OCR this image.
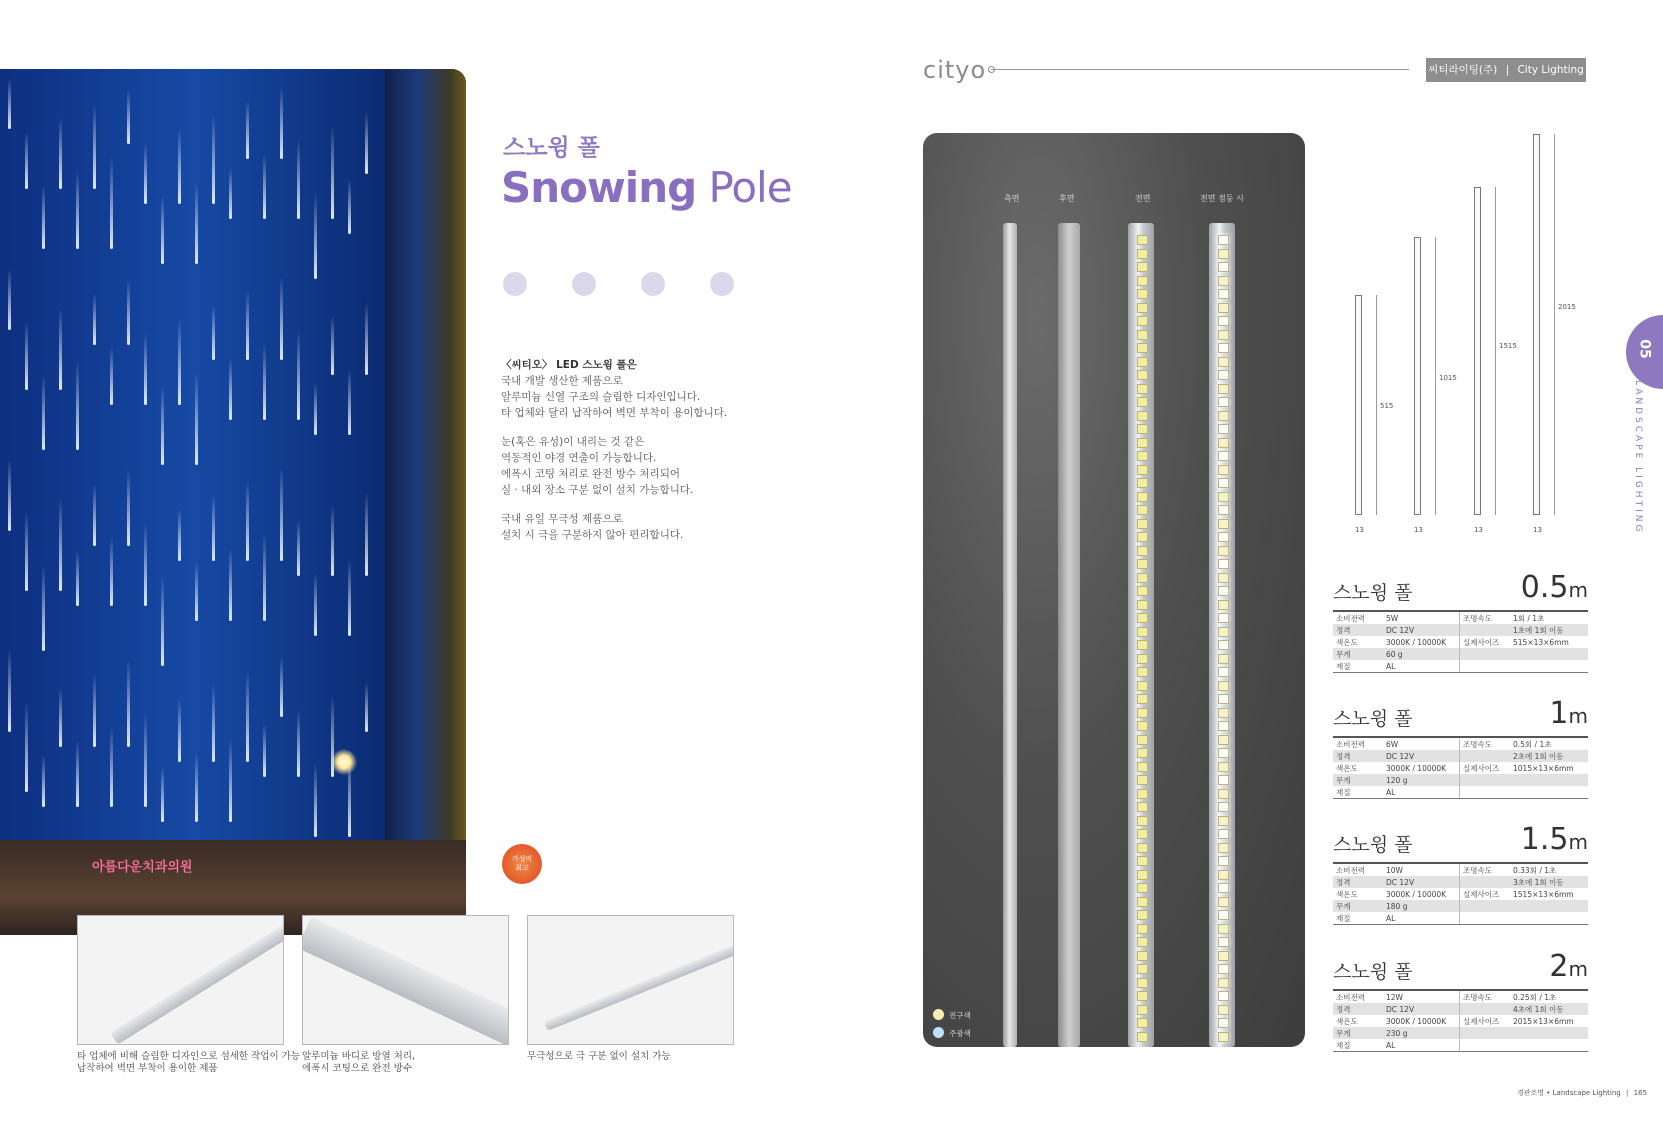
아름다운치과의원
스노윙 폴
Snowing Pole
〈씨티오〉 LED 스노윙 폴은
국내 개발 생산한 제품으로
알루미늄 신열 구조의 슬림한 디자인입니다.
타 업체와 달리 납작하여 벽면 부착이 용이합니다.
눈(혹은 유성)이 내리는 것 같은
역동적인 야경 연출이 가능합니다.
에폭시 코팅 처리로 완전 방수 처리되어
실 · 내외 장소 구분 없이 설치 가능합니다.
국내 유일 무극성 제품으로
설치 시 극을 구분하지 않아 편리합니다.
가성비
최고
타 업체에 비해 슬림한 디자인으로 섬세한 작업이 가능
납작하여 벽면 부착이 용이한 제품
알루미늄 바디로 방열 처리,
에폭시 코팅으로 완전 방수
무극성으로 극 구분 없이 설치 가능
cityo	씨티라이팅(주) | City Lighting
측면	후면	전면	전면 점등 시
전구색
주광색
515
13
1015
13
1515
13
2015
13
05
LANDSCAPE LIGHTING
스노윙 폴	0.5m
소비전력	5W	조명속도	1회 / 1초
정격	DC 12V		1초에 1회 이동
색온도	3000K / 10000K	실제사이즈	515×13×6mm
무게	60 g		
재질	AL		
스노윙 폴	1m
소비전력	6W	조명속도	0.5회 / 1초
정격	DC 12V		2초에 1회 이동
색온도	3000K / 10000K	실제사이즈	1015×13×6mm
무게	120 g		
재질	AL		
스노윙 폴	1.5m
소비전력	10W	조명속도	0.33회 / 1초
정격	DC 12V		3초에 1회 이동
색온도	3000K / 10000K	실제사이즈	1515×13×6mm
무게	180 g		
재질	AL		
스노윙 폴	2m
소비전력	12W	조명속도	0.25회 / 1초
정격	DC 12V		4초에 1회 이동
색온도	3000K / 10000K	실제사이즈	2015×13×6mm
무게	230 g		
재질	AL		
경관조명 • Landscape Lighting | 165
